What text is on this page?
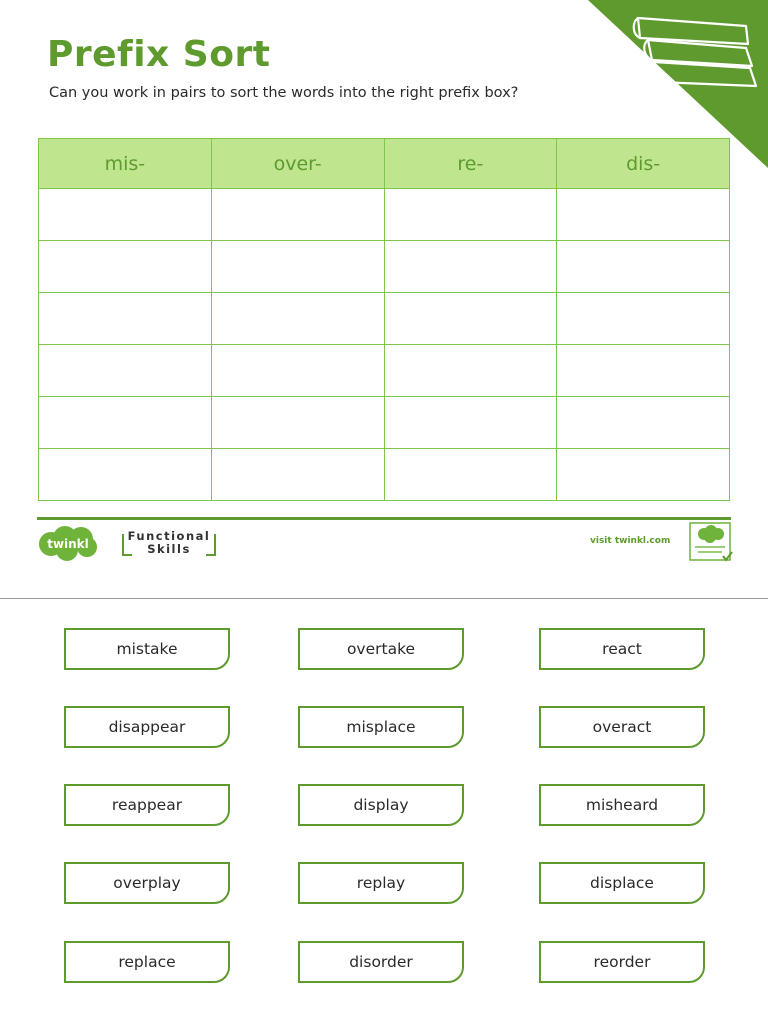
Prefix Sort

Can you work in pairs to sort the words into the right prefix box?

mis-	over-	re-	dis-

twinkl
Functional
Skills
visit twinkl.com
mistake	overtake	react
disappear	misplace	overact
reappear	display	misheard
overplay	replay	displace
replace	disorder	reorder
